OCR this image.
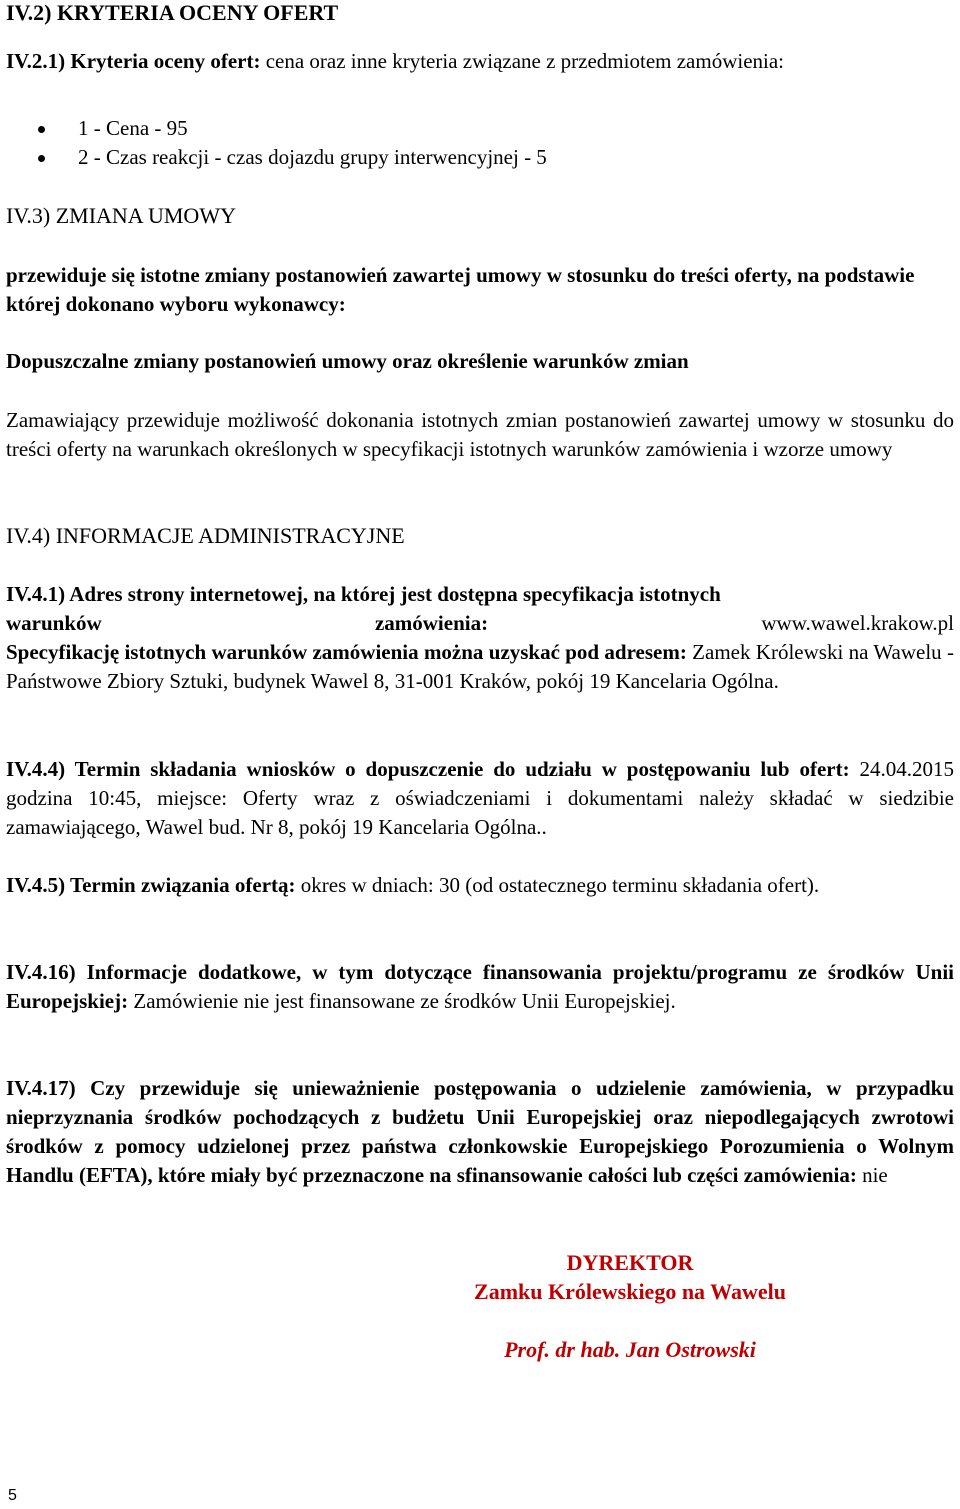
IV.2) KRYTERIA OCENY OFERT

IV.2.1) Kryteria oceny ofert: cena oraz inne kryteria związane z przedmiotem zamówienia:

1 - Cena - 95
2 - Czas reakcji - czas dojazdu grupy interwencyjnej - 5

IV.3) ZMIANA UMOWY

przewiduje się istotne zmiany postanowień zawartej umowy w stosunku do treści oferty, na podstawie której dokonano wyboru wykonawcy:

Dopuszczalne zmiany postanowień umowy oraz określenie warunków zmian

Zamawiający przewiduje możliwość dokonania istotnych zmian postanowień zawartej umowy w stosunku do treści oferty na warunkach określonych w specyfikacji istotnych warunków zamówienia i wzorze umowy

IV.4) INFORMACJE ADMINISTRACYJNE

IV.4.1) Adres strony internetowej, na której jest dostępna specyfikacja istotnych
warunków	zamówienia:	www.wawel.krakow.pl

Specyfikację istotnych warunków zamówienia można uzyskać pod adresem: Zamek Królewski na Wawelu - Państwowe Zbiory Sztuki, budynek Wawel 8, 31-001 Kraków, pokój 19 Kancelaria Ogólna.

IV.4.4) Termin składania wniosków o dopuszczenie do udziału w postępowaniu lub ofert: 24.04.2015 godzina 10:45, miejsce: Oferty wraz z oświadczeniami i dokumentami należy składać w siedzibie zamawiającego, Wawel bud. Nr 8, pokój 19 Kancelaria Ogólna..

IV.4.5) Termin związania ofertą: okres w dniach: 30 (od ostatecznego terminu składania ofert).

IV.4.16) Informacje dodatkowe, w tym dotyczące finansowania projektu/programu ze środków Unii Europejskiej: Zamówienie nie jest finansowane ze środków Unii Europejskiej.

IV.4.17) Czy przewiduje się unieważnienie postępowania o udzielenie zamówienia, w przypadku nieprzyznania środków pochodzących z budżetu Unii Europejskiej oraz niepodlegających zwrotowi środków z pomocy udzielonej przez państwa członkowskie Europejskiego Porozumienia o Wolnym Handlu (EFTA), które miały być przeznaczone na sfinansowanie całości lub części zamówienia: nie

DYREKTOR
Zamku Królewskiego na Wawelu
Prof. dr hab. Jan Ostrowski
5
